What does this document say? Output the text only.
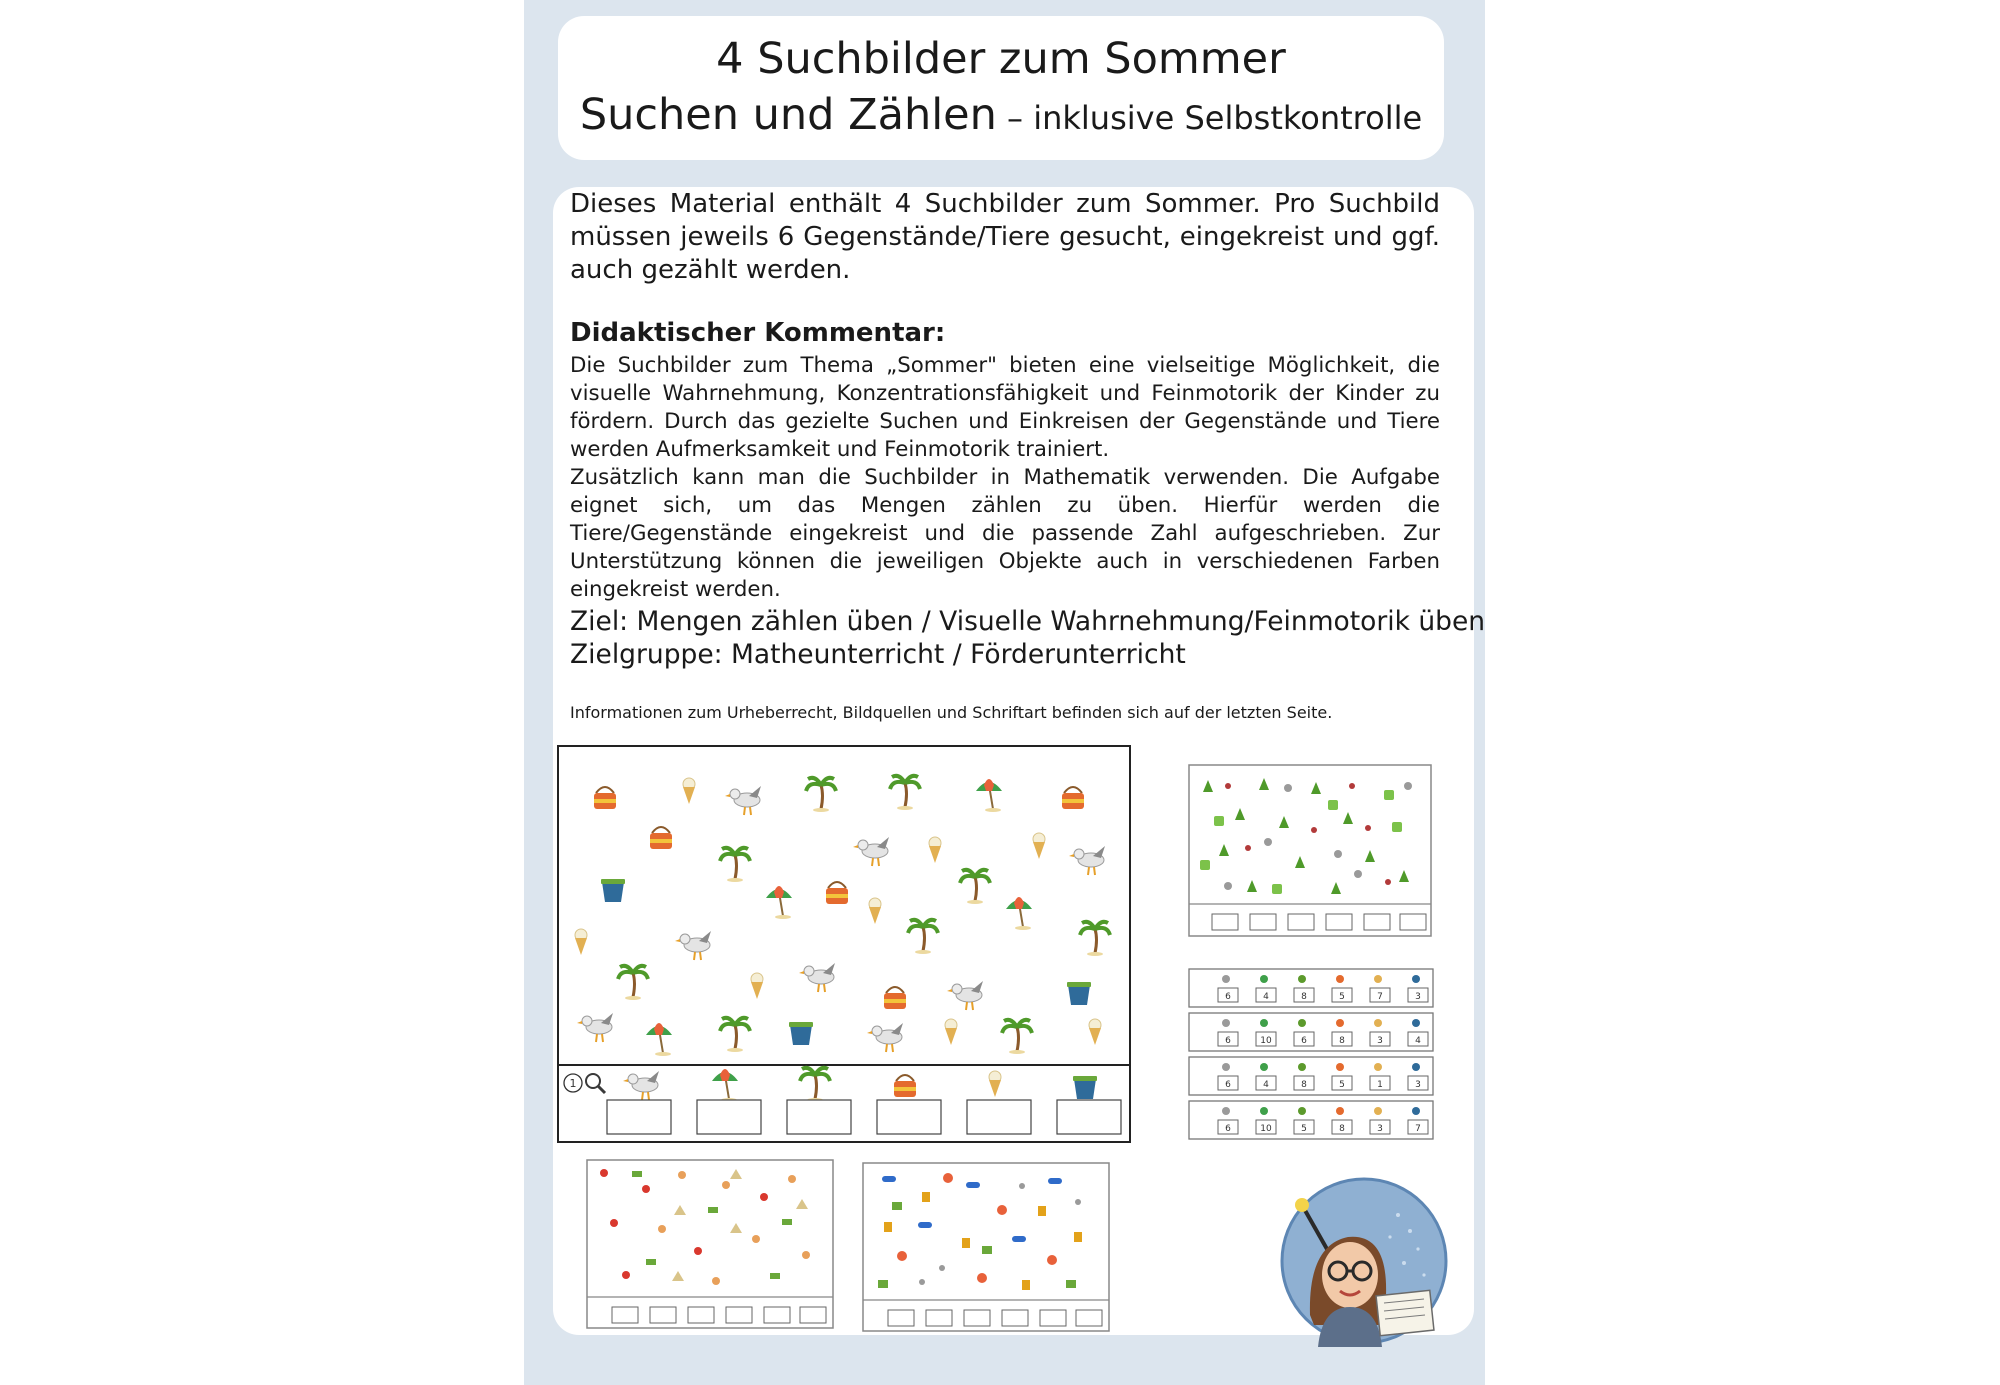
4 Suchbilder zum Sommer
Suchen und Zählen – inklusive Selbstkontrolle
Dieses Material enthält 4 Suchbilder zum Sommer. Pro Suchbild müssen jeweils 6 Gegenstände/Tiere gesucht, eingekreist und ggf. auch gezählt werden.
Didaktischer Kommentar:
Die Suchbilder zum Thema „Sommer" bieten eine vielseitige Möglichkeit, die visuelle Wahrnehmung, Konzentrationsfähigkeit und Feinmotorik der Kinder zu fördern. Durch das gezielte Suchen und Einkreisen der Gegenstände und Tiere werden Aufmerksamkeit und Feinmotorik trainiert.
Zusätzlich kann man die Suchbilder in Mathematik verwenden. Die Aufgabe eignet sich, um das Mengen zählen zu üben. Hierfür werden die Tiere/Gegenstände eingekreist und die passende Zahl aufgeschrieben. Zur Unterstützung können die jeweiligen Objekte auch in verschiedenen Farben eingekreist werden.
Ziel: Mengen zählen üben / Visuelle Wahrnehmung/Feinmotorik üben
Zielgruppe: Matheunterricht / Förderunterricht
Informationen zum Urheberrecht, Bildquellen und Schriftart befinden sich auf der letzten Seite.
1
6	4	8	5	7	3
6	10	6	8	3	4
6	4	8	5	1	3
6	10	5	8	3	7
